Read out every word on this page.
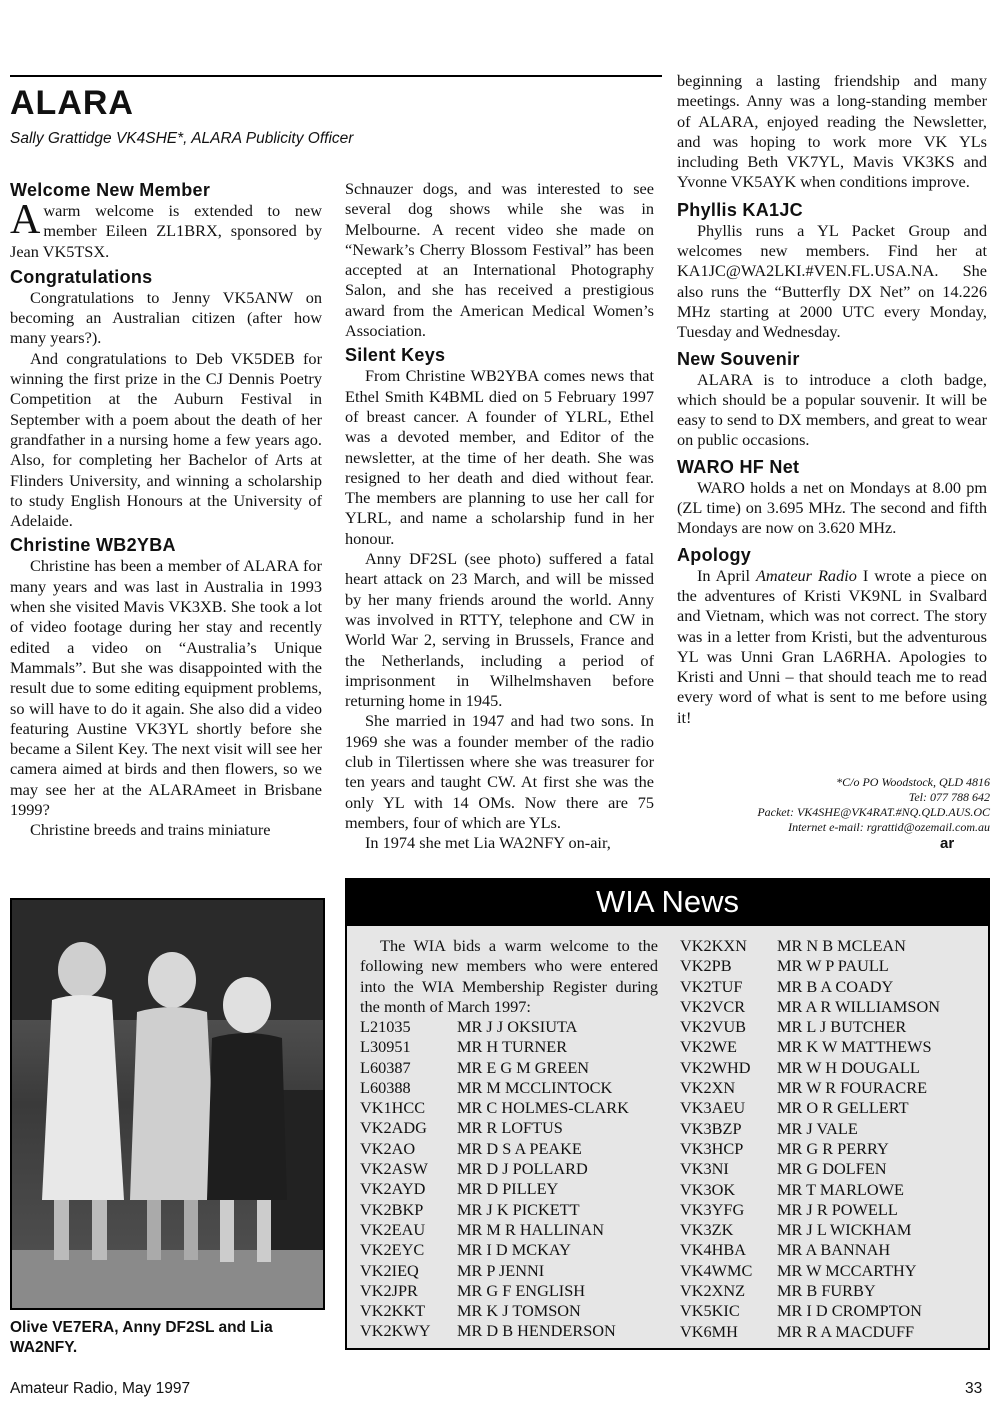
ALARA
Sally Grattidge VK4SHE*, ALARA Publicity Officer
Welcome New Member

Awarm welcome is extended to new member Eileen ZL1BRX, sponsored by Jean VK5TSX.

Congratulations

Congratulations to Jenny VK5ANW on becoming an Australian citizen (after how many years?).

And congratulations to Deb VK5DEB for winning the first prize in the CJ Dennis Poetry Competition at the Auburn Festival in September with a poem about the death of her grandfather in a nursing home a few years ago. Also, for completing her Bachelor of Arts at Flinders University, and winning a scholarship to study English Honours at the University of Adelaide.

Christine WB2YBA

Christine has been a member of ALARA for many years and was last in Australia in 1993 when she visited Mavis VK3XB. She took a lot of video footage during her stay and recently edited a video on “Australia’s Unique Mammals”. But she was disappointed with the result due to some editing equipment problems, so will have to do it again. She also did a video featuring Austine VK3YL shortly before she became a Silent Key. The next visit will see her camera aimed at birds and then flowers, so we may see her at the ALARAmeet in Brisbane 1999?

Christine breeds and trains miniature

Schnauzer dogs, and was interested to see several dog shows while she was in Melbourne. A recent video she made on “Newark’s Cherry Blossom Festival” has been accepted at an International Photography Salon, and she has received a prestigious award from the American Medical Women’s Association.

Silent Keys

From Christine WB2YBA comes news that Ethel Smith K4BML died on 5 February 1997 of breast cancer. A founder of YLRL, Ethel was a devoted member, and Editor of the newsletter, at the time of her death. She was resigned to her death and died without fear. The members are planning to use her call for YLRL, and name a scholarship fund in her honour.

Anny DF2SL (see photo) suffered a fatal heart attack on 23 March, and will be missed by her many friends around the world. Anny was involved in RTTY, telephone and CW in World War 2, serving in Brussels, France and the Netherlands, including a period of imprisonment in Wilhelmshaven before returning home in 1945.

She married in 1947 and had two sons. In 1969 she was a founder member of the radio club in Tilertissen where she was treasurer for ten years and taught CW. At first she was the only YL with 14 OMs. Now there are 75 members, four of which are YLs.

In 1974 she met Lia WA2NFY on-air,

beginning a lasting friendship and many meetings. Anny was a long-standing member of ALARA, enjoyed reading the Newsletter, and was hoping to work more VK YLs including Beth VK7YL, Mavis VK3KS and Yvonne VK5AYK when conditions improve.

Phyllis KA1JC

Phyllis runs a YL Packet Group and welcomes new members. Find her at KA1JC@WA2LKI.#VEN.FL.USA.NA. She also runs the “Butterfly DX Net” on 14.226 MHz starting at 2000 UTC every Monday, Tuesday and Wednesday.

New Souvenir

ALARA is to introduce a cloth badge, which should be a popular souvenir. It will be easy to send to DX members, and great to wear on public occasions.

WARO HF Net

WARO holds a net on Mondays at 8.00 pm (ZL time) on 3.695 MHz. The second and fifth Mondays are now on 3.620 MHz.

Apology

In April Amateur Radio I wrote a piece on the adventures of Kristi VK9NL in Svalbard and Vietnam, which was not correct. The story was in a letter from Kristi, but the adventurous YL was Unni Gran LA6RHA. Apologies to Kristi and Unni – that should teach me to read every word of what is sent to me before using it!

*C/o PO Woodstock, QLD 4816
Tel: 077 788 642
Packet: VK4SHE@VK4RAT.#NQ.QLD.AUS.OC
Internet e-mail: rgrattid@ozemail.com.au
ar
Olive VE7ERA, Anny DF2SL and Lia WA2NFY.
WIA News

The WIA bids a warm welcome to the following new members who were entered into the WIA Membership Register during the month of March 1997:

L21035	MR J J OKSIUTA
L30951	MR H TURNER
L60387	MR E G M GREEN
L60388	MR M MCCLINTOCK
VK1HCC	MR C HOLMES-CLARK
VK2ADG	MR R LOFTUS
VK2AO	MR D S A PEAKE
VK2ASW	MR D J POLLARD
VK2AYD	MR D PILLEY
VK2BKP	MR J K PICKETT
VK2EAU	MR M R HALLINAN
VK2EYC	MR I D MCKAY
VK2IEQ	MR P JENNI
VK2JPR	MR G F ENGLISH
VK2KKT	MR K J TOMSON
VK2KWY	MR D B HENDERSON
VK2KXN	MR N B MCLEAN
VK2PB	MR W P PAULL
VK2TUF	MR B A COADY
VK2VCR	MR A R WILLIAMSON
VK2VUB	MR L J BUTCHER
VK2WE	MR K W MATTHEWS
VK2WHD	MR W H DOUGALL
VK2XN	MR W R FOURACRE
VK3AEU	MR O R GELLERT
VK3BZP	MR J VALE
VK3HCP	MR G R PERRY
VK3NI	MR G DOLFEN
VK3OK	MR T MARLOWE
VK3YFG	MR J R POWELL
VK3ZK	MR J L WICKHAM
VK4HBA	MR A BANNAH
VK4WMC	MR W MCCARTHY
VK2XNZ	MR B FURBY
VK5KIC	MR I D CROMPTON
VK6MH	MR R A MACDUFF
Amateur Radio, May 1997	33
